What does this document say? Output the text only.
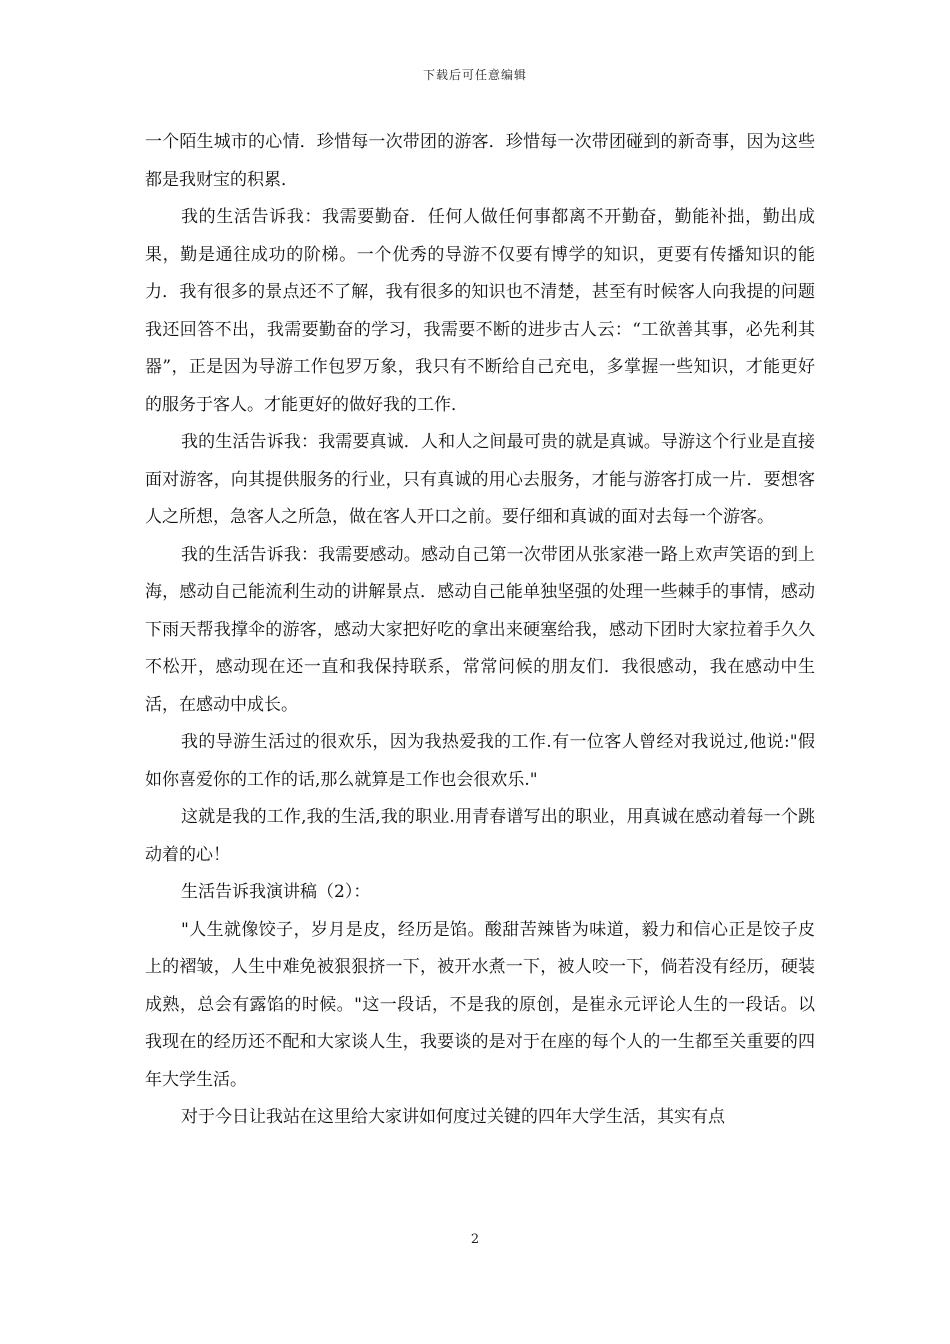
下载后可任意编辑

一个陌生城市的心情．珍惜每一次带团的游客．珍惜每一次带团碰到的新奇事，因为这些都是我财宝的积累．

我的生活告诉我：我需要勤奋．任何人做任何事都离不开勤奋，勤能补拙，勤出成果，勤是通往成功的阶梯。一个优秀的导游不仅要有博学的知识，更要有传播知识的能力．我有很多的景点还不了解，我有很多的知识也不清楚，甚至有时候客人向我提的问题我还回答不出，我需要勤奋的学习，我需要不断的进步古人云：“工欲善其事，必先利其器”，正是因为导游工作包罗万象，我只有不断给自己充电，多掌握一些知识，才能更好的服务于客人。才能更好的做好我的工作．

我的生活告诉我：我需要真诚．人和人之间最可贵的就是真诚。导游这个行业是直接面对游客，向其提供服务的行业，只有真诚的用心去服务，才能与游客打成一片．要想客人之所想，急客人之所急，做在客人开口之前。要仔细和真诚的面对去每一个游客。

我的生活告诉我：我需要感动。感动自己第一次带团从张家港一路上欢声笑语的到上海，感动自己能流利生动的讲解景点．感动自己能单独坚强的处理一些棘手的事情，感动下雨天帮我撑伞的游客，感动大家把好吃的拿出来硬塞给我，感动下团时大家拉着手久久不松开，感动现在还一直和我保持联系，常常问候的朋友们．我很感动，我在感动中生活，在感动中成长。

我的导游生活过的很欢乐，因为我热爱我的工作.有一位客人曾经对我说过,他说:"假如你喜爱你的工作的话,那么就算是工作也会很欢乐."

这就是我的工作,我的生活,我的职业.用青春谱写出的职业，用真诚在感动着每一个跳动着的心！

生活告诉我演讲稿（2）：

"人生就像饺子，岁月是皮，经历是馅。酸甜苦辣皆为味道，毅力和信心正是饺子皮上的褶皱，人生中难免被狠狠挤一下，被开水煮一下，被人咬一下，倘若没有经历，硬装成熟，总会有露馅的时候。"这一段话，不是我的原创，是崔永元评论人生的一段话。以我现在的经历还不配和大家谈人生，我要谈的是对于在座的每个人的一生都至关重要的四年大学生活。

对于今日让我站在这里给大家讲如何度过关键的四年大学生活，其实有点

2
